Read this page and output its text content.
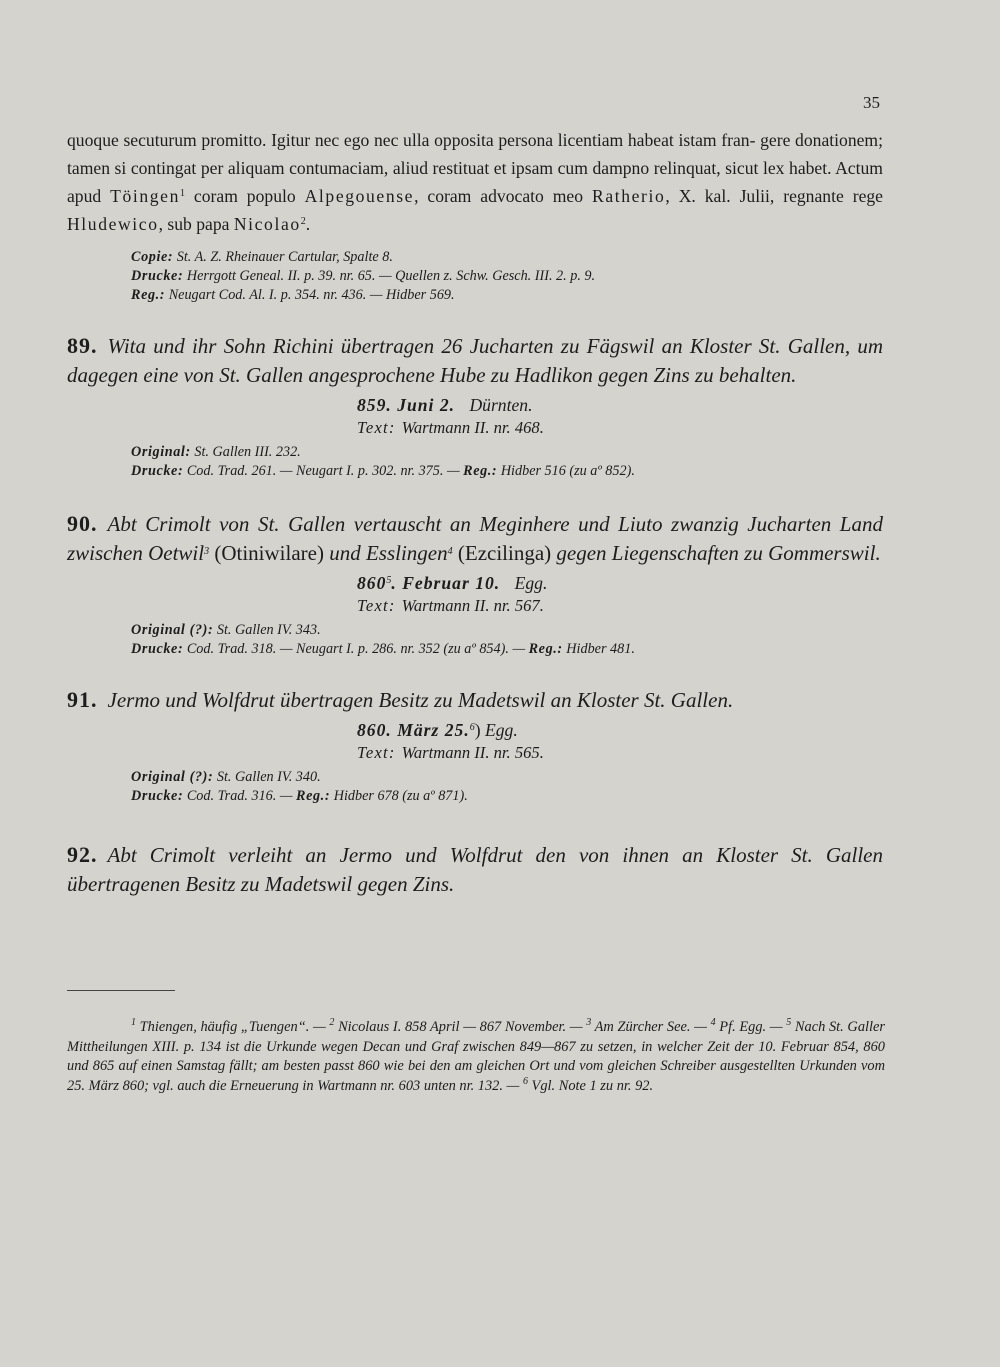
35

quoque secuturum promitto. Igitur nec ego nec ulla opposita persona licentiam habeat istam fran- gere donationem; tamen si contingat per aliquam contumaciam, aliud restituat et ipsam cum dampno relinquat, sicut lex habet. Actum apud Töingen$^1$ coram populo Alpegouense, coram advocato meo Ratherio, X. kal. Julii, regnante rege Hludewico, sub papa Nicolao$^2$.

Copie: St. A. Z. Rheinauer Cartular, Spalte 8.
Drucke: Herrgott Geneal. II. p. 39. nr. 65. — Quellen z. Schw. Gesch. III. 2. p. 9.
Reg.: Neugart Cod. Al. I. p. 354. nr. 436. — Hidber 569.

89. Wita und ihr Sohn Richini übertragen 26 Jucharten zu Fägswil an Kloster St. Gallen, um dagegen eine von St. Gallen angesprochene Hube zu Hadlikon gegen Zins zu behalten.

859. Juni 2. Dürnten.
Text: Wartmann II. nr. 468.
Original: St. Gallen III. 232.
Drucke: Cod. Trad. 261. — Neugart I. p. 302. nr. 375. — Reg.: Hidber 516 (zu aº 852).

90. Abt Crimolt von St. Gallen vertauscht an Meginhere und Liuto zwanzig Jucharten Land zwischen Oetwil$^3$ (Otiniwilare) und Esslingen$^4$ (Ezcilinga) gegen Liegenschaften zu Gommerswil.

$860^5$. Februar 10. Egg.
Text: Wartmann II. nr. 567.
Original (?): St. Gallen IV. 343.
Drucke: Cod. Trad. 318. — Neugart I. p. 286. nr. 352 (zu aº 854). — Reg.: Hidber 481.

91. Jermo und Wolfdrut übertragen Besitz zu Madetswil an Kloster St. Gallen.

860. März 25.$^6$) Egg.
Text: Wartmann II. nr. 565.
Original (?): St. Gallen IV. 340.
Drucke: Cod. Trad. 316. — Reg.: Hidber 678 (zu aº 871).

92. Abt Crimolt verleiht an Jermo und Wolfdrut den von ihnen an Kloster St. Gallen übertragenen Besitz zu Madetswil gegen Zins.

$^1$ Thiengen, häufig „Tuengen“. — $^2$ Nicolaus I. 858 April — 867 November. — $^3$ Am Zürcher See. — $^4$ Pf. Egg. — $^5$ Nach St. Galler Mittheilungen XIII. p. 134 ist die Urkunde wegen Decan und Graf zwischen 849—867 zu setzen, in welcher Zeit der 10. Februar 854, 860 und 865 auf einen Samstag fällt; am besten passt 860 wie bei den am gleichen Ort und vom gleichen Schreiber ausgestellten Urkunden vom 25. März 860; vgl. auch die Erneuerung in Wartmann nr. 603 unten nr. 132. — $^6$ Vgl. Note 1 zu nr. 92.
